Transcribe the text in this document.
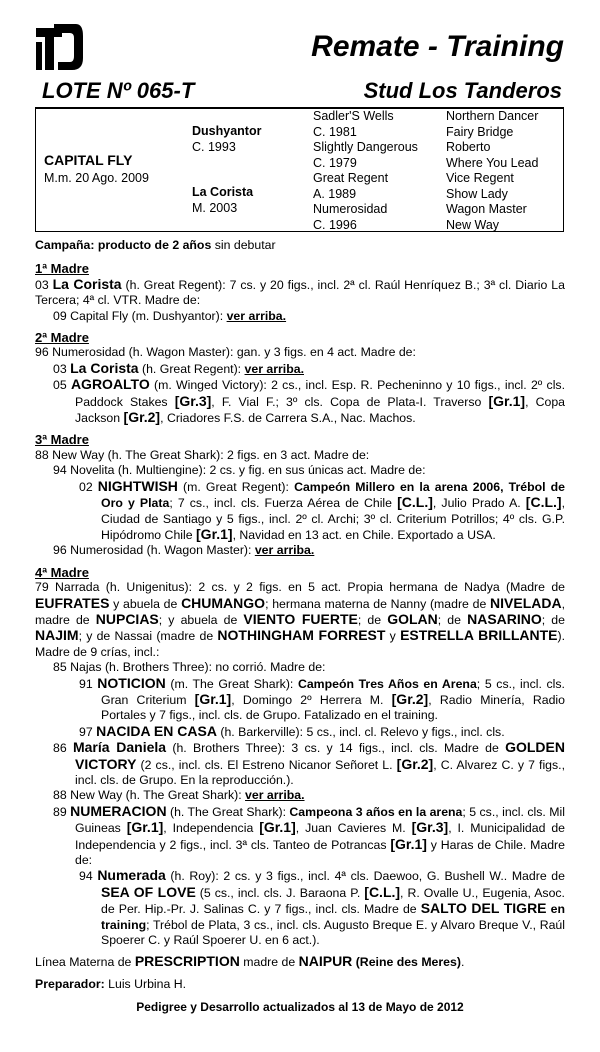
Remate - Training
LOTE Nº 065-T	Stud Los Tanderos
CAPITAL FLY
M.m. 20 Ago. 2009
Dushyantor
C. 1993
La Corista
M. 2003
Sadler'S Wells
C. 1981
Slightly Dangerous
C. 1979
Great Regent
A. 1989
Numerosidad
C. 1996
Northern Dancer
Fairy Bridge
Roberto
Where You Lead
Vice Regent
Show Lady
Wagon Master
New Way
Campaña: producto de 2 años sin debutar
1ª Madre
03 La Corista (h. Great Regent): 7 cs. y 20 figs., incl. 2ª cl. Raúl Henríquez B.; 3ª cl. Diario La Tercera; 4ª cl. VTR. Madre de:
09 Capital Fly (m. Dushyantor): ver arriba.
2ª Madre
96 Numerosidad (h. Wagon Master): gan. y 3 figs. en 4 act. Madre de:
03 La Corista (h. Great Regent): ver arriba.
05 AGROALTO (m. Winged Victory): 2 cs., incl. Esp. R. Pecheninno y 10 figs., incl. 2º cls. Paddock Stakes [Gr.3], F. Vial F.; 3º cls. Copa de Plata-I. Traverso [Gr.1], Copa Jackson [Gr.2], Criadores F.S. de Carrera S.A., Nac. Machos.
3ª Madre
88 New Way (h. The Great Shark): 2 figs. en 3 act. Madre de:
94 Novelita (h. Multiengine): 2 cs. y fig. en sus únicas act. Madre de:
02 NIGHTWISH (m. Great Regent): Campeón Millero en la arena 2006, Trébol de Oro y Plata; 7 cs., incl. cls. Fuerza Aérea de Chile [C.L.], Julio Prado A. [C.L.], Ciudad de Santiago y 5 figs., incl. 2º cl. Archi; 3º cl. Criterium Potrillos; 4º cls. G.P. Hipódromo Chile [Gr.1], Navidad en 13 act. en Chile. Exportado a USA.
96 Numerosidad (h. Wagon Master): ver arriba.
4ª Madre
79 Narrada (h. Unigenitus): 2 cs. y 2 figs. en 5 act. Propia hermana de Nadya (Madre de EUFRATES y abuela de CHUMANGO; hermana materna de Nanny (madre de NIVELADA, madre de NUPCIAS; y abuela de VIENTO FUERTE; de GOLAN; de NASARINO; de NAJIM; y de Nassai (madre de NOTHINGHAM FORREST y ESTRELLA BRILLANTE). Madre de 9 crías, incl.:
85 Najas (h. Brothers Three): no corrió. Madre de:
91 NOTICION (m. The Great Shark): Campeón Tres Años en Arena; 5 cs., incl. cls. Gran Criterium [Gr.1], Domingo 2º Herrera M. [Gr.2], Radio Minería, Radio Portales y 7 figs., incl. cls. de Grupo. Fatalizado en el training.
97 NACIDA EN CASA (h. Barkerville): 5 cs., incl. cl. Relevo y figs., incl. cls.
86 María Daniela (h. Brothers Three): 3 cs. y 14 figs., incl. cls. Madre de GOLDEN VICTORY (2 cs., incl. cls. El Estreno Nicanor Señoret L. [Gr.2], C. Alvarez C. y 7 figs., incl. cls. de Grupo. En la reproducción.).
88 New Way (h. The Great Shark): ver arriba.
89 NUMERACION (h. The Great Shark): Campeona 3 años en la arena; 5 cs., incl. cls. Mil Guineas [Gr.1], Independencia [Gr.1], Juan Cavieres M. [Gr.3], I. Municipalidad de Independencia y 2 figs., incl. 3ª cls. Tanteo de Potrancas [Gr.1] y Haras de Chile. Madre de:
94 Numerada (h. Roy): 2 cs. y 3 figs., incl. 4ª cls. Daewoo, G. Bushell W.. Madre de SEA OF LOVE (5 cs., incl. cls. J. Baraona P. [C.L.], R. Ovalle U., Eugenia, Asoc. de Per. Hip.-Pr. J. Salinas C. y 7 figs., incl. cls. Madre de SALTO DEL TIGRE en training; Trébol de Plata, 3 cs., incl. cls. Augusto Breque E. y Alvaro Breque V., Raúl Spoerer C. y Raúl Spoerer U. en 6 act.).
Línea Materna de PRESCRIPTION madre de NAIPUR (Reine des Meres).
Preparador: Luis Urbina H.
Pedigree y Desarrollo actualizados al 13 de Mayo de 2012
